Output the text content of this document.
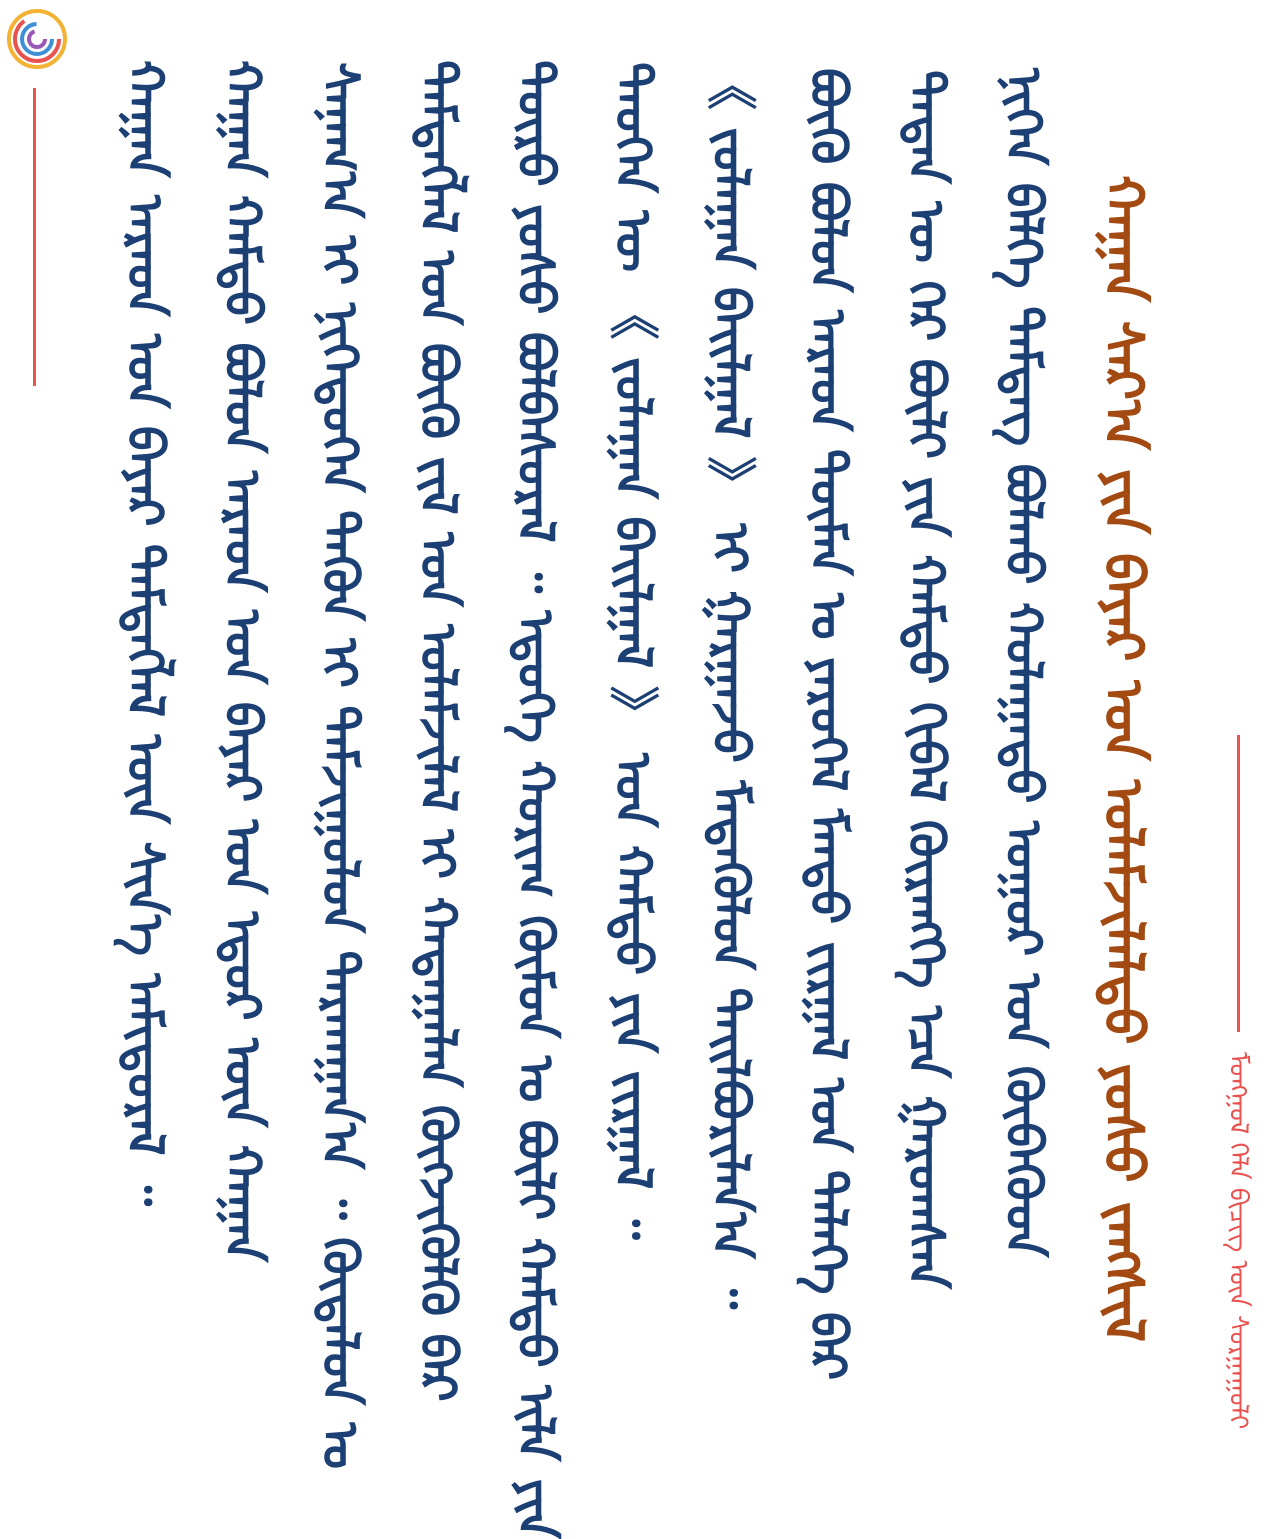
ᠬᠠᠭᠠᠨ ᠠᠷᠠᠳ ᠤᠨ ᠪᠠᠶᠠᠷ ᠲᠡᠮᠳᠡᠭᠯᠡᠯ ᠦᠨ ᠰᠢᠨ᠎ᠡ ᠠᠮᠢᠳᠤᠷᠠᠯ ᠃ ᠬᠠᠭᠠᠨ ᠬᠠᠮᠲᠤ ᠪᠣᠯᠤᠨ ᠠᠷᠠᠳ ᠤᠨ ᠪᠠᠶᠠᠷ ᠤᠨ ᠡᠳᠦᠷ ᠦᠨ ᠬᠠᠭᠠᠨ ᠰᠠᠨᠠᠭ᠎ᠠ ᠢ ᠨᠢᠭᠡᠳᠦᠭᠡᠨ ᠲᠡᠭᠦᠨ ᠢ ᠳᠠᠮᠵᠢᠭᠤᠯᠤᠨ ᠲᠠᠷᠬᠠᠭᠠᠨ᠎ᠠ ᠃ ᠬᠥᠳᠡᠯᠦᠨ ᠤ ᠲᠡᠮᠳᠡᠭᠯᠡᠯ ᠤᠨ ᠪᠦᠬᠦ ᠵᠢᠯ ᠤᠨ ᠤᠯᠠᠮᠵᠢᠯᠠᠯ ᠢ ᠬᠠᠳᠠᠭᠠᠯᠠᠨ ᠬᠥᠭᠵᠢᠭᠦᠯᠬᠦ ᠪᠡᠷ ᠲᠥᠷᠦ ᠶᠣᠰᠤ ᠪᠣᠯᠪᠠᠰᠤᠷᠠᠯ ᠃ ᠡᠳᠦᠭᠡ ᠬᠣᠷᠢᠭ ᠬᠦᠮᠦᠨ ᠤ ᠪᠦᠯᠢ ᠬᠠᠮᠲᠤ ᠢᠯᠡ ᠶᠢᠨ ᠲᠡᠦᠬᠡᠨ ᠦ 《 ᠵᠤᠯᠠᠭᠠᠨ ᠪᠠᠢᠯᠭᠠᠯ 》 ᠤᠨ ᠬᠠᠮᠲᠤ ᠶᠢᠨ ᠵᠢᠷᠭᠠᠯ ᠃ 《 ᠵᠤᠯᠠᠭᠠᠨ ᠪᠠᠢᠯᠭᠠᠯ 》 ᠢ ᠭᠠᠷᠭᠠᠵᠤ ᠮᠡᠳᠡᠭᠦᠯᠦᠨ ᠲᠠᠢᠯᠪᠤᠷᠢᠯᠠᠨ᠎ᠠ ᠃ ᠪᠦᠬᠦ ᠪᠣᠯᠤᠨ ᠠᠷᠠᠳ ᠲᠦᠮᠡᠨ ᠤ ᠶᠡᠷᠦᠭᠡᠯ ᠮᠡᠨᠳᠦ ᠵᠢᠷᠭᠠᠯ ᠤᠨ ᠲᠡᠯᠡᠭᠡ ᠪᠡᠷ ᠲᠡᠳᠡᠨ ᠦ ᠭᠡᠷ ᠪᠦᠯᠢ ᠶᠢᠨ ᠬᠠᠮᠲᠤ ᠬᠢᠪᠡᠯ ᠬᠥᠷᠡᠩᠭᠡ ᠡᠴᠡ ᠭᠠᠷᠤᠭᠰᠠᠨ ᠨᠢᠭᠡᠨ ᠪᠡᠯᠭᠡ ᠳᠡᠮᠳᠡᠭ ᠪᠣᠯᠬᠤ ᠬᠣᠯᠠᠭᠠᠳᠤ ᠤᠭᠤᠷ ᠤᠨ ᠬᠥᠪᠡᠭᠦᠳ ᠬᠠᠭᠠᠨ ᠰᠠᠷ᠎ᠠ ᠶᠢᠨ ᠪᠠᠶᠠᠷ ᠤᠨ ᠤᠯᠠᠮᠵᠢᠯᠠᠯᠲᠤ ᠶᠣᠰᠤ ᠵᠠᠩᠱᠢᠯ	ᠮᠣᠩᠭᠣᠯ ᠬᠡᠯᠡ ᠪᠢᠴᠢᠭ ᠦᠨ ᠰᠤᠷᠭᠠᠭᠤᠯᠢ
